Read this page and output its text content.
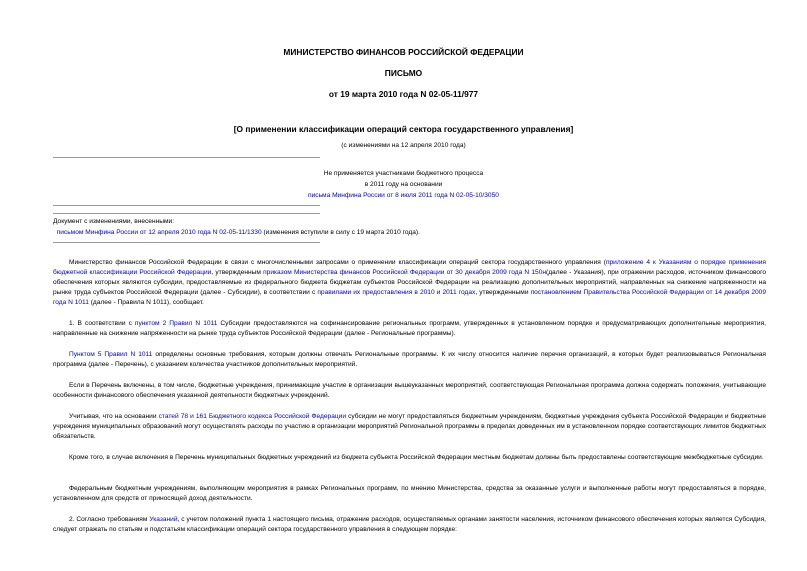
МИНИСТЕРСТВО ФИНАНСОВ РОССИЙСКОЙ ФЕДЕРАЦИИ
ПИСЬМО
от 19 марта 2010 года N 02-05-11/977
[О применении классификации операций сектора государственного управления]
(с изменениями на 12 апреля 2010 года)
Не применяется участниками бюджетного процесса
в 2011 году на основании
письма Минфина России от 8 июля 2011 года N 02-05-10/3050
Документ с изменениями, внесенными:
письмом Минфина России от 12 апреля 2010 года N 02-05-11/1330 (изменения вступили в силу с 19 марта 2010 года).
Министерство финансов Российской Федерации в связи с многочисленными запросами о применении классификации операций сектора государственного управления (приложение 4 к Указаниям о порядке применения бюджетной классификации Российской Федерации, утвержденным приказом Министерства финансов Российской Федерации от 30 декабря 2009 года N 150н(далее - Указания), при отражении расходов, источником финансового обеспечения которых являются субсидии, предоставляемые из федерального бюджета бюджетам субъектов Российской Федерации на реализацию дополнительных мероприятий, направленных на снижение напряженности на рынке труда субъектов Российской Федерации (далее - Субсидии), в соответствии с правилами их предоставления в 2010 и 2011 годах, утвержденными постановлением Правительства Российской Федерации от 14 декабря 2009 года N 1011 (далее - Правила N 1011), сообщает.
1. В соответствии с пунктом 2 Правил N 1011 Субсидии предоставляются на софинансирование региональных программ, утвержденных в установленном порядке и предусматривающих дополнительные мероприятия, направленные на снижение напряженности на рынке труда субъектов Российской Федерации (далее - Региональные программы).
Пунктом 5 Правил N 1011 определены основные требования, которым должны отвечать Региональные программы. К их числу относится наличие перечня организаций, в которых будет реализовываться Региональная программа (далее - Перечень), с указанием количества участников дополнительных мероприятий.
Если в Перечень включены, в том числе, бюджетные учреждения, принимающие участие в организации вышеуказанных мероприятий, соответствующая Региональная программа должна содержать положения, учитывающие особенности финансового обеспечения указанной деятельности бюджетных учреждений.
Учитывая, что на основании статей 78 и 161 Бюджетного кодекса Российской Федерации субсидии не могут предоставляться бюджетным учреждениям, бюджетные учреждения субъекта Российской Федерации и бюджетные учреждения муниципальных образований могут осуществлять расходы по участию в организации мероприятий Региональной программы в пределах доведенных им в установленном порядке соответствующих лимитов бюджетных обязательств.
Кроме того, в случае включения в Перечень муниципальных бюджетных учреждений из бюджета субъекта Российской Федерации местным бюджетам должны быть предоставлены соответствующие межбюджетные субсидии.
Федеральным бюджетным учреждениям, выполняющим мероприятия в рамках Региональных программ, по мнению Министерства, средства за оказанные услуги и выполненные работы могут предоставляться в порядке, установленном для средств от приносящей доход деятельности.
2. Согласно требованиям Указаний, с учетом положений пункта 1 настоящего письма, отражение расходов, осуществляемых органами занятости населения, источником финансового обеспечения которых является Субсидия, следует отражать по статьям и подстатьям классификации операций сектора государственного управления в следующем порядке:
